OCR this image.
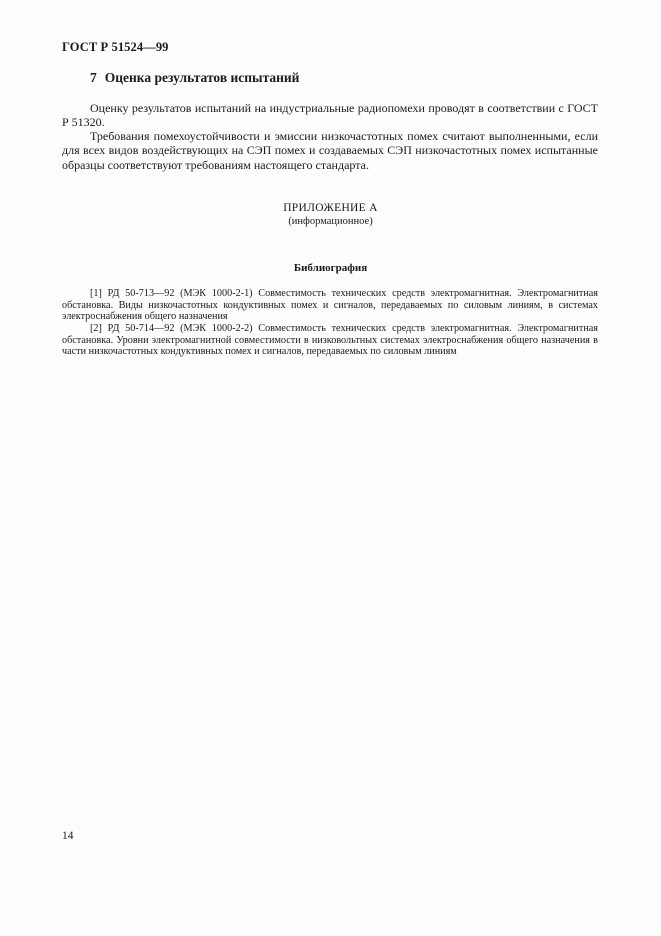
ГОСТ Р 51524—99
7 Оценка результатов испытаний

Оценку результатов испытаний на индустриальные радиопомехи проводят в соответствии с ГОСТ Р 51320.

Требования помехоустойчивости и эмиссии низкочастотных помех считают выполненными, если для всех видов воздействующих на СЭП помех и создаваемых СЭП низкочастотных помех испытанные образцы соответствуют требованиям настоящего стандарта.

ПРИЛОЖЕНИЕ А
(информационное)
Библиография

[1] РД 50-713—92 (МЭК 1000-2-1) Совместимость технических средств электромагнитная. Электромагнитная обстановка. Виды низкочастотных кондуктивных помех и сигналов, передаваемых по силовым линиям, в системах электроснабжения общего назначения

[2] РД 50-714—92 (МЭК 1000-2-2) Совместимость технических средств электромагнитная. Электромагнитная обстановка. Уровни электромагнитной совместимости в низковольтных системах электроснабжения общего назначения в части низкочастотных кондуктивных помех и сигналов, передаваемых по силовым линиям

14
